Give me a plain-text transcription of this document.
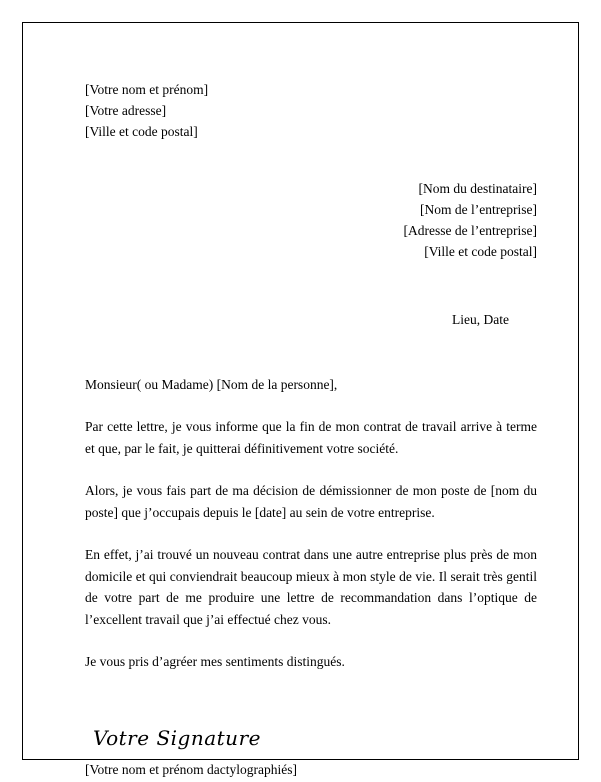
[Votre nom et prénom]
[Votre adresse]
[Ville et code postal]
[Nom du destinataire]
[Nom de l’entreprise]
[Adresse de l’entreprise]
[Ville et code postal]
Lieu, Date
Monsieur( ou Madame) [Nom de la personne],

Par cette lettre, je vous informe que la fin de mon contrat de travail arrive à terme et que, par le fait, je quitterai définitivement votre société.

Alors, je vous fais part de ma décision de démissionner de mon poste de [nom du poste] que j’occupais depuis le [date] au sein de votre entreprise.

En effet, j’ai trouvé un nouveau contrat dans une autre entreprise plus près de mon domicile et qui conviendrait beaucoup mieux à mon style de vie. Il serait très gentil de votre part de me produire une lettre de recommandation dans l’optique de l’excellent travail que j’ai effectué chez vous.

Je vous pris d’agréer mes sentiments distingués.

Votre Signature
[Votre nom et prénom dactylographiés]
